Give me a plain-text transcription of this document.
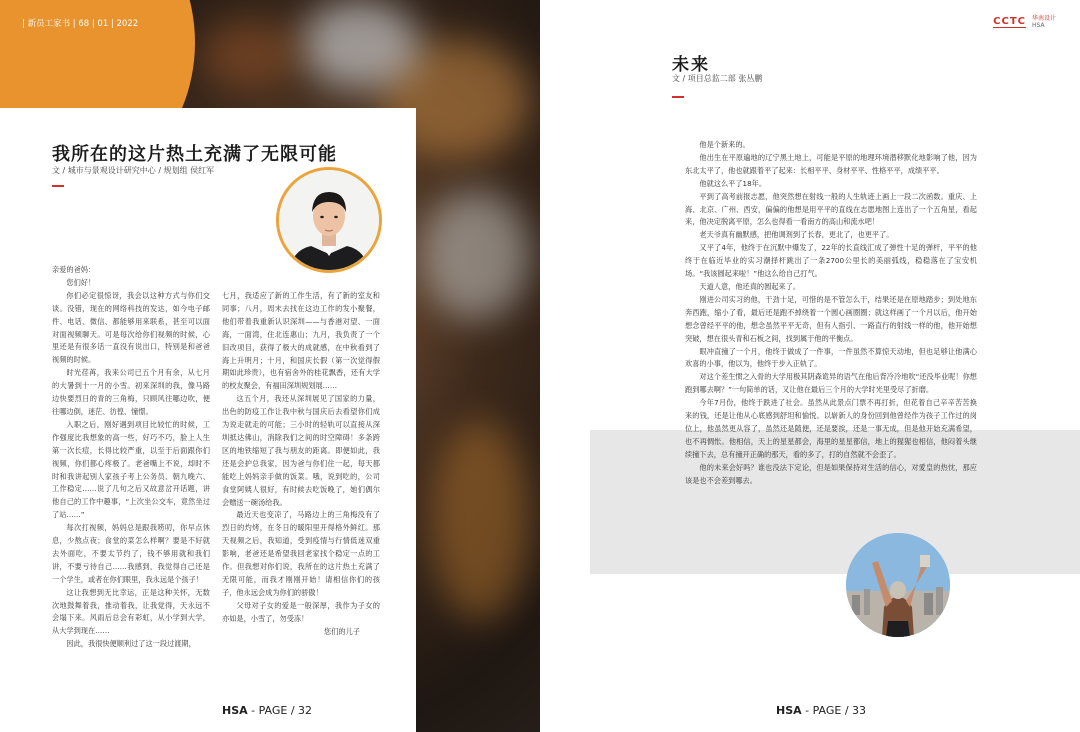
| 新员工家书 | 68 | 01 | 2022
我所在的这片热土充满了无限可能
文 / 城市与景观设计研究中心 / 规划组 侯红军

亲爱的爸妈：

您们好！

你们必定很惊讶，我会以这种方式与你们交谈。没错，现在的网络科技的发达，如今电子邮件、电话、微信、都能够用来联系，甚至可以面对面视频聊天。可是每次给你们视频的时候，心里还是有很多话一直没有说出口，特别是和爸爸视频的时候。

时光荏苒，我来公司已五个月有余，从七月的大暑到十一月的小雪。初来深圳的我，像马路边快要烈日的青的三角梅，只顾风往哪边吹，便往哪边倒，迷茫、彷徨、憧憬。

入职之后，刚好遇到项目比较忙的时候，工作强度比我想象的高一些，好巧不巧，脸上人生第一次长痘，长得比较严重，以至于后面跟你们视频，你们都心疼极了。老爸嘴上不说，却时不时和我讲起别人家孩子考上公务员、朝九晚六、工作稳定……说了几句之后又故意岔开话题，讲他自己的工作中趣事，“上次坐公交车，竟然坐过了站……”

每次打视频，妈妈总是跟我唠叨，你早点休息，少熬点夜；食堂的菜怎么样啊？要是不好就去外面吃，不要太节约了，钱不够用就和我们讲，不要亏待自己……我感到，我觉得自己还是一个学生，或者在你们眼里，我永远是个孩子！

这让我想到无比幸运，正是这种关怀，无数次地鼓舞着我，推动着我，让我觉得，天永远不会塌下来。风雨后总会有彩虹，从小学到大学，从大学到现在……

因此，我很快便顺利过了这一段过渡期，

七月，我适应了新的工作生活，有了新的室友和同事；八月，周末去找在这边工作的发小聚餐，他们带着我重新认识深圳——与香港对望、一面海，一面湾，住北连惠山；九月，我负责了一个旧改项目，获得了极大的成就感，在中秋看到了海上升明月；十月，和国庆长假（第一次觉得假期如此珍贵），也有宿舍外的桂花飘香，还有大学的校友聚会，有福田深圳规划展……

这五个月，我还从深圳展见了国家的力量，出色的防疫工作让我中秋与国庆后去看望你们成为说走就走的可能；三小时的轻轨可以直接从深圳抵达佛山，消除我们之间的时空障碍！多条跨区的地铁缩短了我与朋友的距离。即便如此，我还是会护总我家，因为爸与你们住一起，每天都能吃上妈妈亲手做的饭菜。哦，说到吃的，公司食堂阿姨人很好，有时候去吃饭晚了，她们偶尔会赠送一碗汤给我。

最近天也变凉了，马路边上的三角梅没有了烈日的灼烤，在冬日的暖阳里开得格外鲜红。那天视频之后，我知道，受到疫情与行情低迷双重影响，老爸还是希望我回老家找个稳定一点的工作。但我想对你们说，我所在的这片热土充满了无限可能，而我才刚刚开始！请相信你们的孩子，他永远会成为你们的骄傲！

父母对子女的爱是一般深厚，我作为子女的亦如是，小雪了，勿受冻！

您们的儿子

HSA - PAGE / 32
ⓒ 大数跨境
CCTC 华南设计
HSA
未来
文 / 项目总监二部 张丛鹏

他是个新来的。

他出生在平原遍地的辽宁黑土地上，可能是平原的地理环境潜移默化地影响了他，因为东北太平了，他也就跟着平了起来：长相平平、身材平平、性格平平，成绩平平。

他就这么平了18年。

平到了高考前报志愿，他突然想在射线一般的人生轨迹上画上一段二次函数。重庆、上海、北京、广州、西安，偏偏的他想是用平平的直线在志愿地图上连出了一个五角星，看起来，他决定脱离平原，怎么也得看一看南方的高山和流水吧！

老天爷真有幽默感，把他调剂到了长春，更北了，也更平了。

又平了4年，他终于在沉默中爆发了，22年的长直线汇成了弹性十足的弹杆，平平的他终于在临近毕业的实习潮择杆跳出了一条2700公里长的美丽弧线，稳稳落在了宝安机场。“我该圆起来啦！”他这么给自己打气。

天道人意，他还真的圆起来了。

刚进公司实习的他，干劲十足，可惜的是不管怎么干，结果还是在原地踏步；到处地东奔西跑，缩小了看，最后还是跑不掉绕着一个圆心画圈圈；就这样画了一个月以后，他开始想念曾经平平的他，想念虽然平平无奇，但有人指引、一路直行的射线一样的他，他开始想突破，想在很头青和石板之间，找到属于他的平衡点。

眼冲直撞了一个月，他终于做成了一件事，一件虽然不算惊天动地，但也足够让他满心欢喜的小事，他以为，他终于步入正轨了。

对这个差生惯之入骨的大学用极其阴森诡异的语气在他后背冷冷地吹“还没毕业呢！你想跑到哪去啊？”一句简单的话，又让他在最后三个月的大学时光里受尽了折磨。

今年7月份，他终于跌进了社会。虽然从此景点门票不再打折，但花着自己辛辛苦苦换来的钱，还是让他从心底感到舒坦和愉悦。以崭新人的身份回到他曾经作为孩子工作过的岗位上，他虽然更从容了，虽然还是随便，还是要挨，还是一事无成，但是他开始充满希望，也不再惆怅。他相信，天上的星星都会，海里的星星都信，地上的猩猩也相信，他闷着头继续撞下去，总有撞开正确的那天，看的多了，打的自然就不会歪了。

他的未来会好吗？谁也没法下定论，但是如果保持对生活的信心，对愛皇的热忱，那应该是也不会差到哪去。

HSA - PAGE / 33
